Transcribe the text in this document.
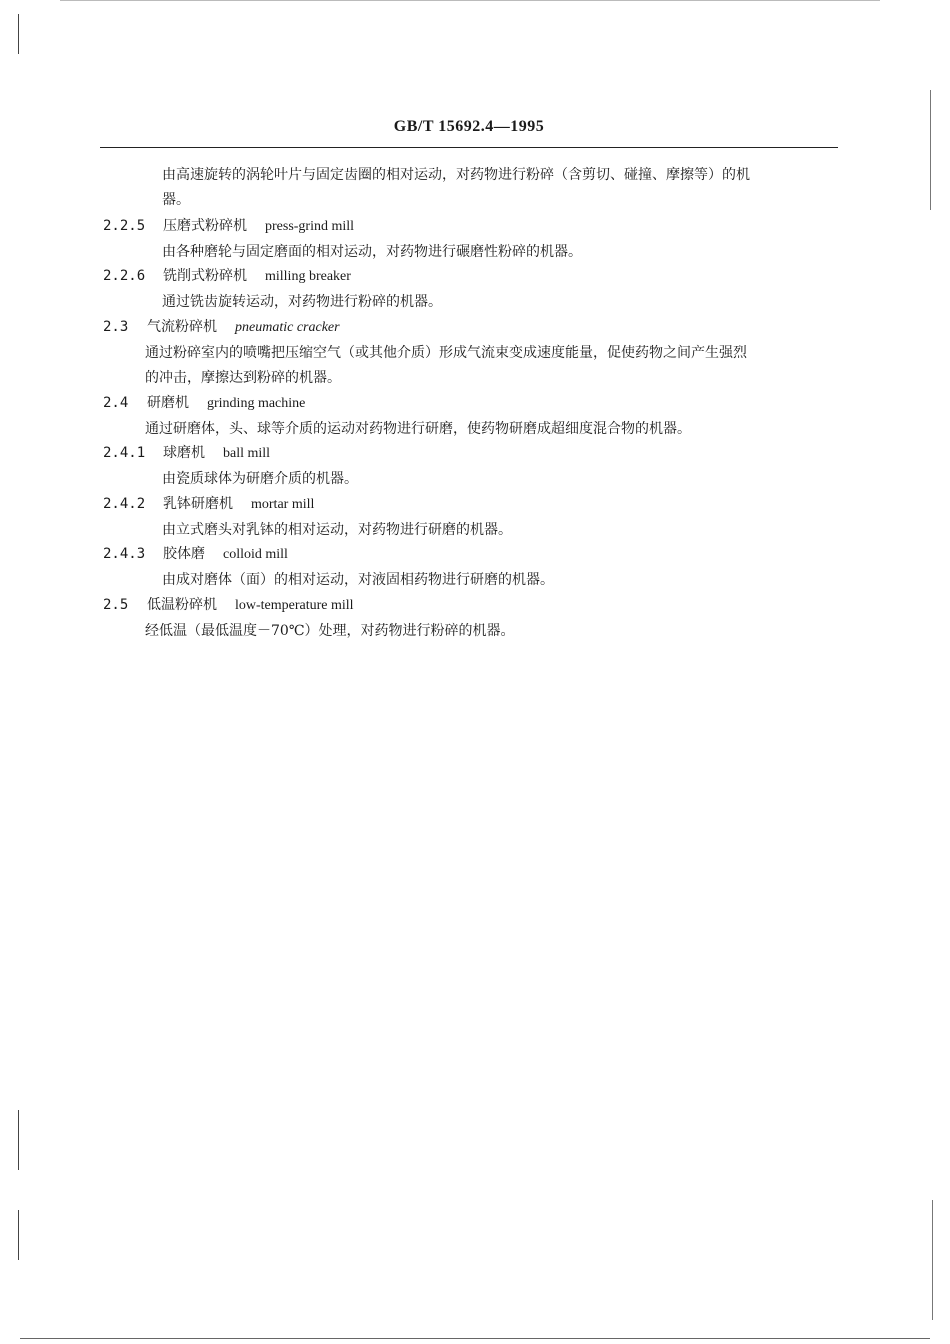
GB/T 15692.4—1995
由高速旋转的涡轮叶片与固定齿圈的相对运动，对药物进行粉碎（含剪切、碰撞、摩擦等）的机
器。
2.2.5 压磨式粉碎机 press-grind mill
由各种磨轮与固定磨面的相对运动，对药物进行碾磨性粉碎的机器。
2.2.6 铣削式粉碎机 milling breaker
通过铣齿旋转运动，对药物进行粉碎的机器。
2.3 气流粉碎机 pneumatic cracker
通过粉碎室内的喷嘴把压缩空气（或其他介质）形成气流束变成速度能量，促使药物之间产生强烈
的冲击，摩擦达到粉碎的机器。
2.4 研磨机 grinding machine
通过研磨体，头、球等介质的运动对药物进行研磨，使药物研磨成超细度混合物的机器。
2.4.1 球磨机 ball mill
由瓷质球体为研磨介质的机器。
2.4.2 乳钵研磨机 mortar mill
由立式磨头对乳钵的相对运动，对药物进行研磨的机器。
2.4.3 胶体磨 colloid mill
由成对磨体（面）的相对运动，对液固相药物进行研磨的机器。
2.5 低温粉碎机 low-temperature mill
经低温（最低温度－70℃）处理，对药物进行粉碎的机器。
